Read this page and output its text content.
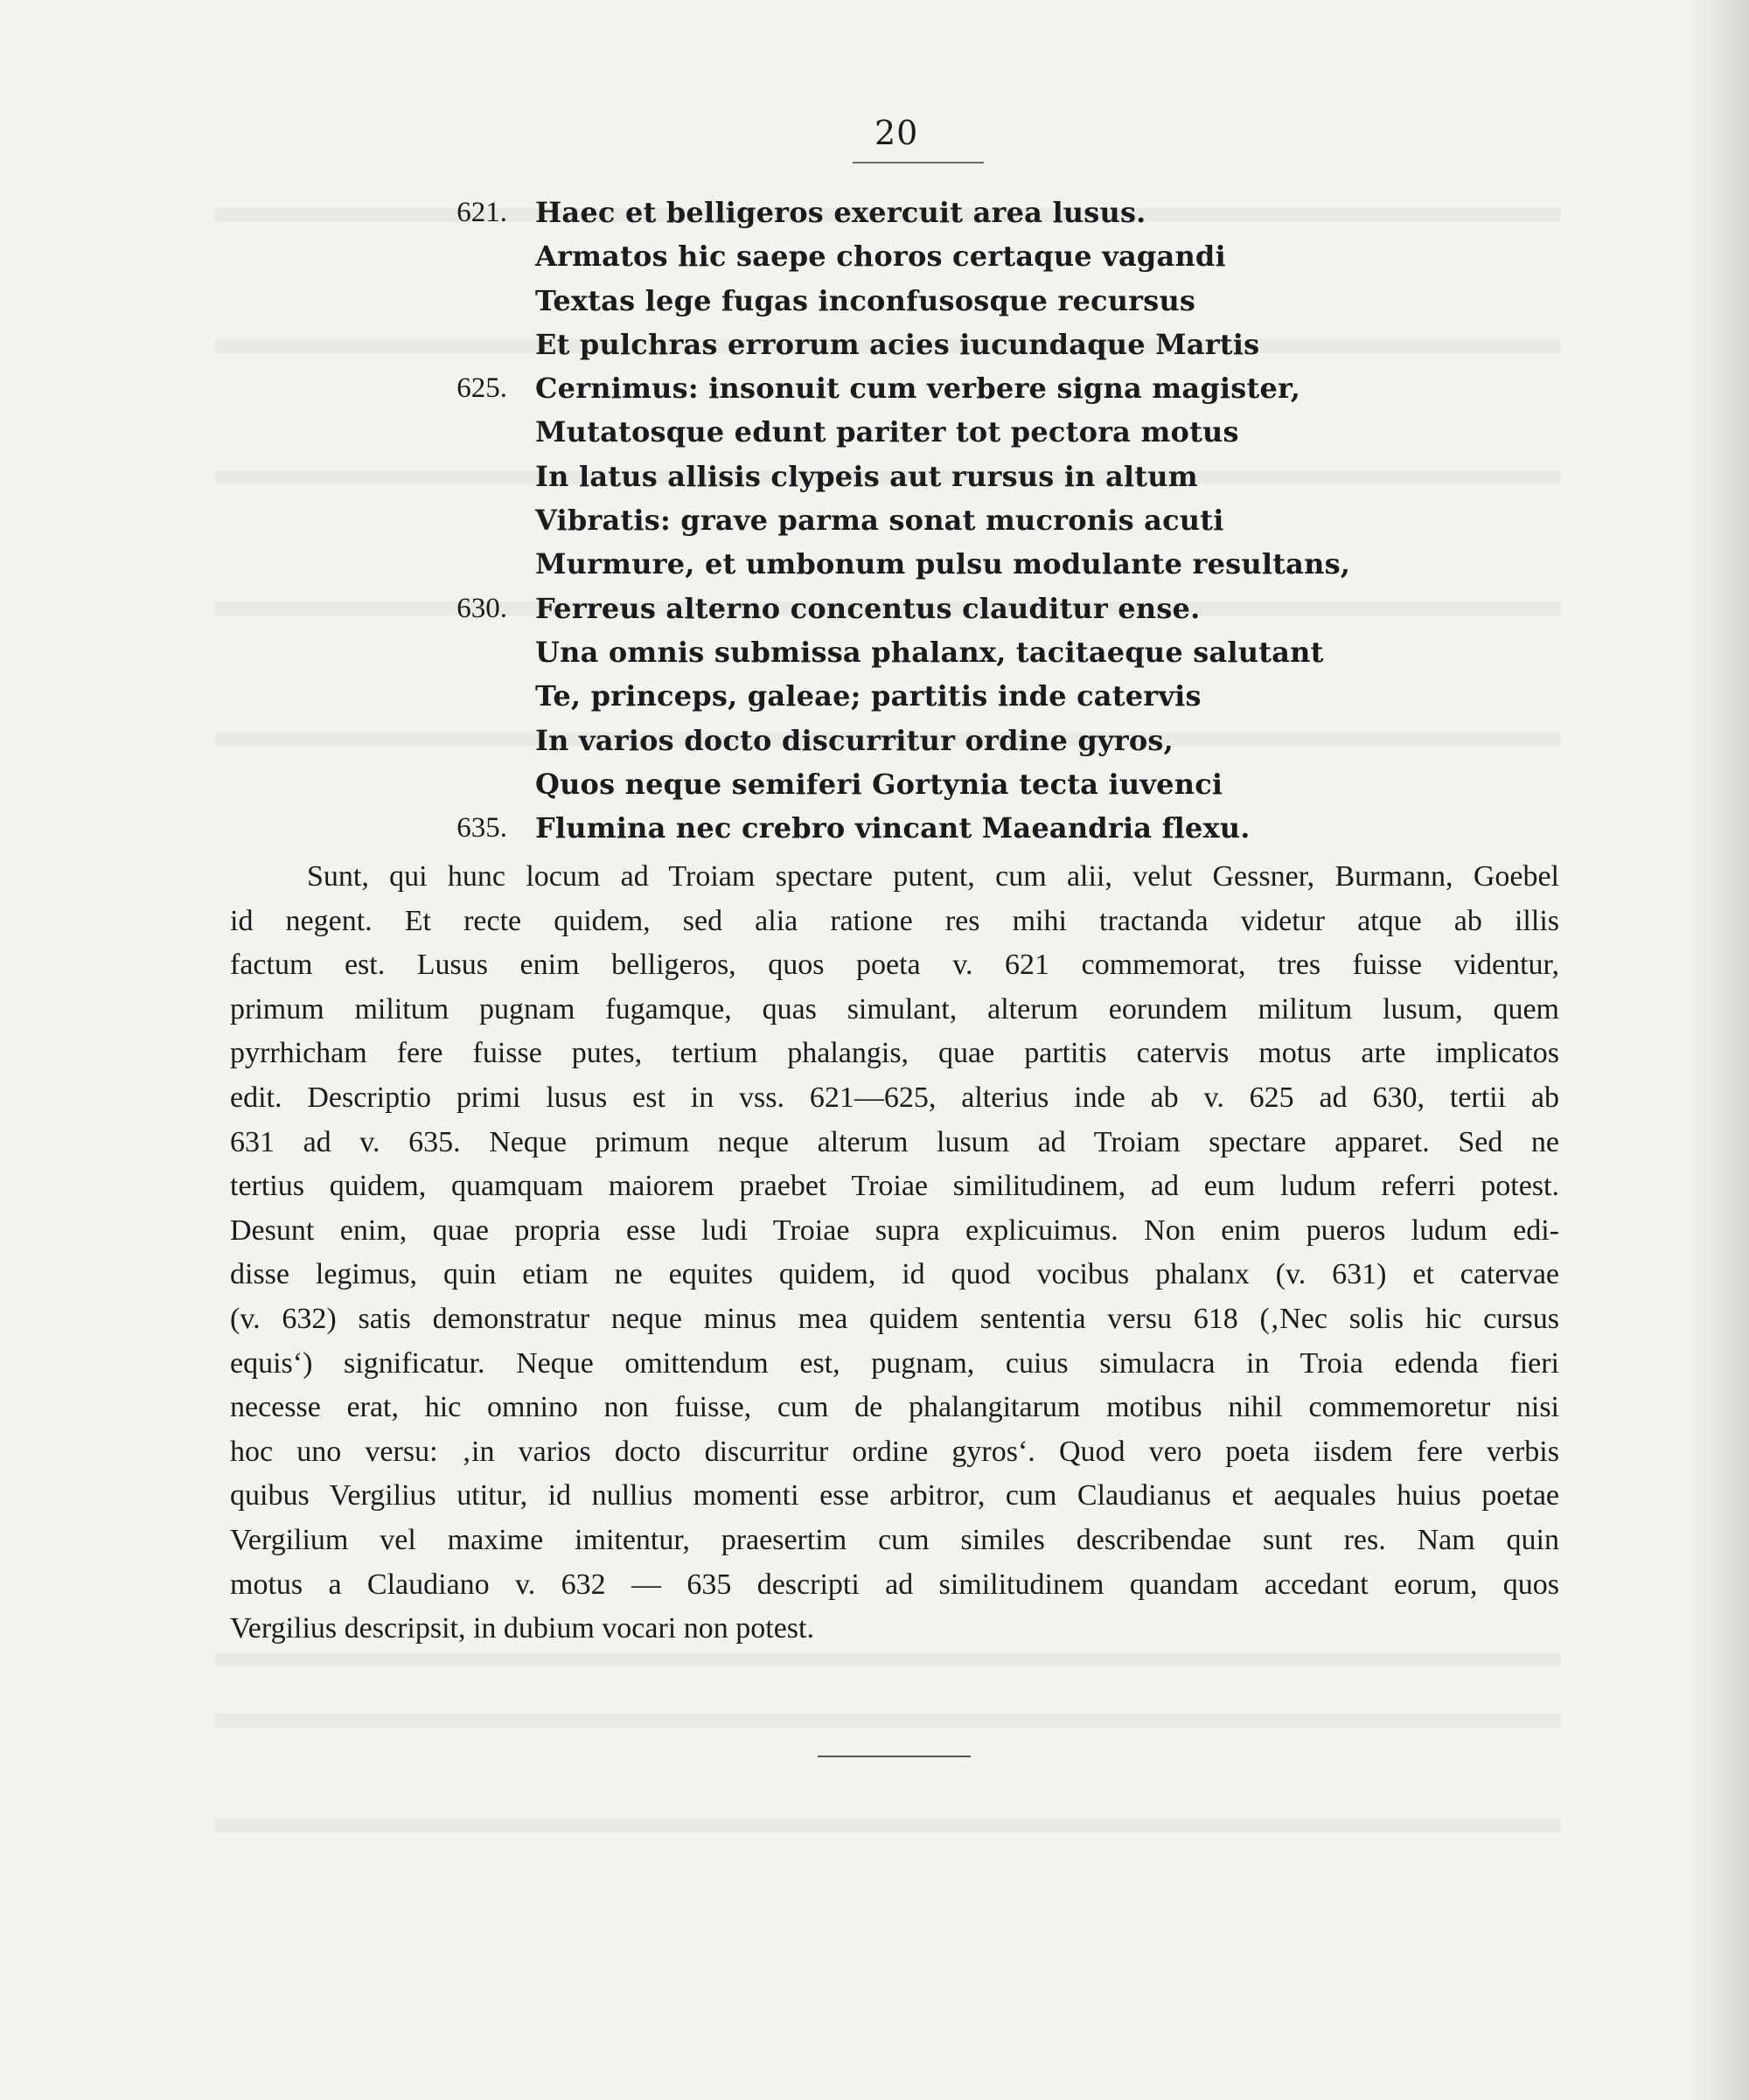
20
621. Haec et belligeros exercuit area lusus.
Armatos hic saepe choros certaque vagandi
Textas lege fugas inconfusosque recursus
Et pulchras errorum acies iucundaque Martis
625. Cernimus: insonuit cum verbere signa magister,
Mutatosque edunt pariter tot pectora motus
In latus allisis clypeis aut rursus in altum
Vibratis: grave parma sonat mucronis acuti
Murmure, et umbonum pulsu modulante resultans,
630. Ferreus alterno concentus clauditur ense.
Una omnis submissa phalanx, tacitaeque salutant
Te, princeps, galeae; partitis inde catervis
In varios docto discurritur ordine gyros,
Quos neque semiferi Gortynia tecta iuvenci
635. Flumina nec crebro vincant Maeandria flexu.
Sunt, qui hunc locum ad Troiam spectare putent, cum alii, velut Gessner, Burmann, Goebel
id negent. Et recte quidem, sed alia ratione res mihi tractanda videtur atque ab illis
factum est. Lusus enim belligeros, quos poeta v. 621 commemorat, tres fuisse videntur,
primum militum pugnam fugamque, quas simulant, alterum eorundem militum lusum, quem
pyrrhicham fere fuisse putes, tertium phalangis, quae partitis catervis motus arte implicatos
edit. Descriptio primi lusus est in vss. 621—625, alterius inde ab v. 625 ad 630, tertii ab
631 ad v. 635. Neque primum neque alterum lusum ad Troiam spectare apparet. Sed ne
tertius quidem, quamquam maiorem praebet Troiae similitudinem, ad eum ludum referri potest.
Desunt enim, quae propria esse ludi Troiae supra explicuimus. Non enim pueros ludum edi-
disse legimus, quin etiam ne equites quidem, id quod vocibus phalanx (v. 631) et catervae
(v. 632) satis demonstratur neque minus mea quidem sententia versu 618 (‚Nec solis hic cursus
equis‘) significatur. Neque omittendum est, pugnam, cuius simulacra in Troia edenda fieri
necesse erat, hic omnino non fuisse, cum de phalangitarum motibus nihil commemoretur nisi
hoc uno versu: ‚in varios docto discurritur ordine gyros‘. Quod vero poeta iisdem fere verbis
quibus Vergilius utitur, id nullius momenti esse arbitror, cum Claudianus et aequales huius poetae
Vergilium vel maxime imitentur, praesertim cum similes describendae sunt res. Nam quin
motus a Claudiano v. 632 — 635 descripti ad similitudinem quandam accedant eorum, quos
Vergilius descripsit, in dubium vocari non potest.
